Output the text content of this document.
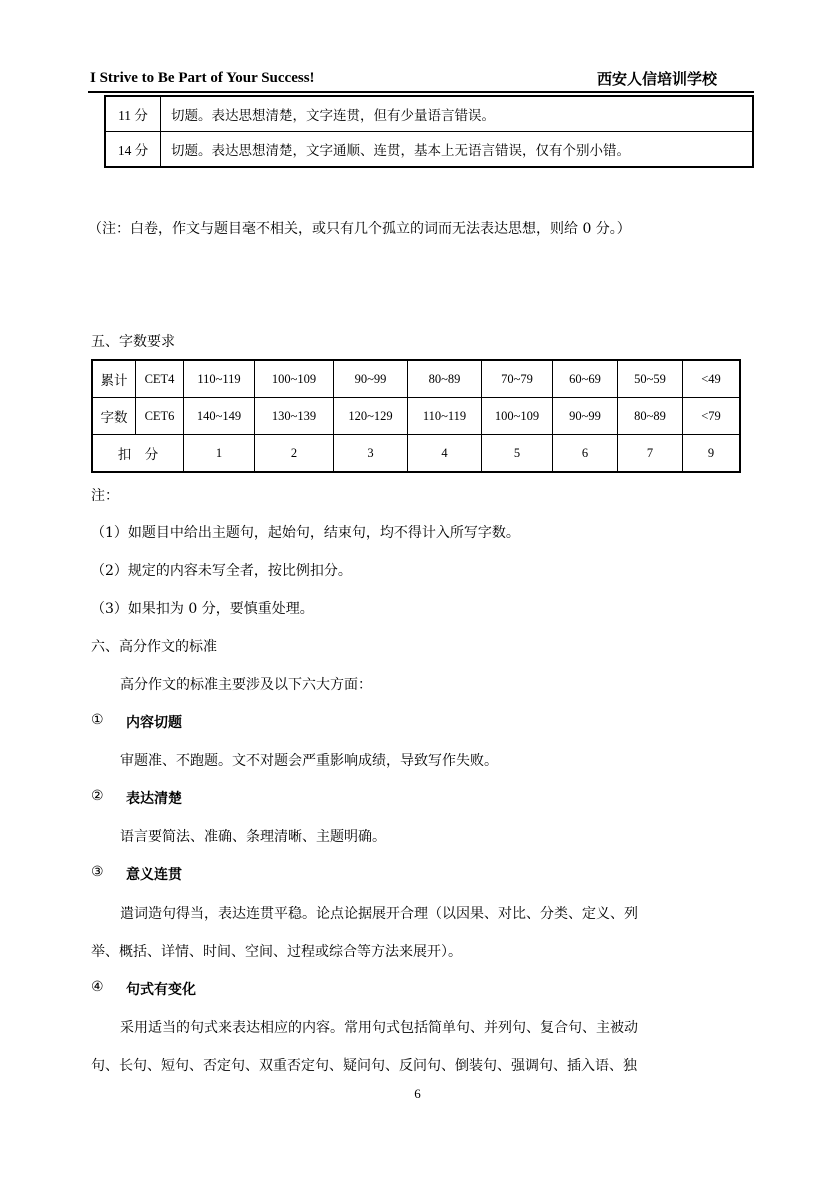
I Strive to Be Part of Your Success!	西安人信培训学校
11 分	切题。表达思想清楚，文字连贯，但有少量语言错误。
14 分	切题。表达思想清楚，文字通顺、连贯，基本上无语言错误，仅有个别小错。
（注：白卷，作文与题目毫不相关，或只有几个孤立的词而无法表达思想，则给 0 分。）
五、字数要求
累计	CET4	110~119	100~109	90~99	80~89	70~79	60~69	50~59	<49
字数	CET6	140~149	130~139	120~129	110~119	100~109	90~99	80~89	<79
扣　分		1	2	3	4	5	6	7	9
注：
（1）如题目中给出主题句，起始句，结束句，均不得计入所写字数。
（2）规定的内容未写全者，按比例扣分。
（3）如果扣为 0 分，要慎重处理。
六、高分作文的标准
高分作文的标准主要涉及以下六大方面：
① 内容切题
审题准、不跑题。文不对题会严重影响成绩，导致写作失败。
② 表达清楚
语言要简法、准确、条理清晰、主题明确。
③ 意义连贯
遣词造句得当，表达连贯平稳。论点论据展开合理（以因果、对比、分类、定义、列
举、概括、详情、时间、空间、过程或综合等方法来展开）。
④ 句式有变化
采用适当的句式来表达相应的内容。常用句式包括简单句、并列句、复合句、主被动
句、长句、短句、否定句、双重否定句、疑问句、反问句、倒装句、强调句、插入语、独
6
